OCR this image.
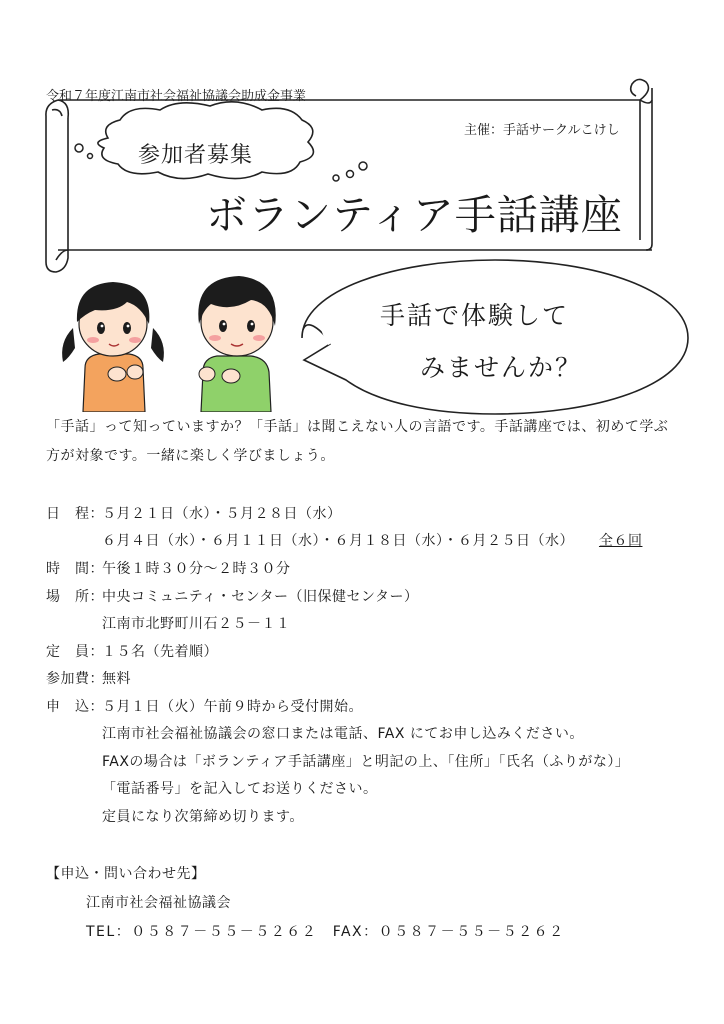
令和７年度江南市社会福祉協議会助成金事業
主催：手話サークルこけし
参加者募集
ボランティア手話講座
手話で体験して
みませんか？
「手話」って知っていますか？「手話」は聞こえない人の言語です。手話講座では、初めて学ぶ
方が対象です。一緒に楽しく学びましょう。
日　程：５月２１日（水）・５月２８日（水）
６月４日（水）・６月１１日（水）・６月１８日（水）・６月２５日（水） 全６回
時　間：午後１時３０分～２時３０分
場　所：中央コミュニティ・センター（旧保健センター）
江南市北野町川石２５－１１
定　員：１５名（先着順）
参加費：無料
申　込：５月１日（火）午前９時から受付開始。
江南市社会福祉協議会の窓口または電話、FAX にてお申し込みください。
FAXの場合は「ボランティア手話講座」と明記の上、「住所」「氏名（ふりがな）」
「電話番号」を記入してお送りください。
定員になり次第締め切ります。
【申込・問い合わせ先】
江南市社会福祉協議会
TEL：０５８７－５５－５２６２　FAX：０５８７－５５－５２６２
